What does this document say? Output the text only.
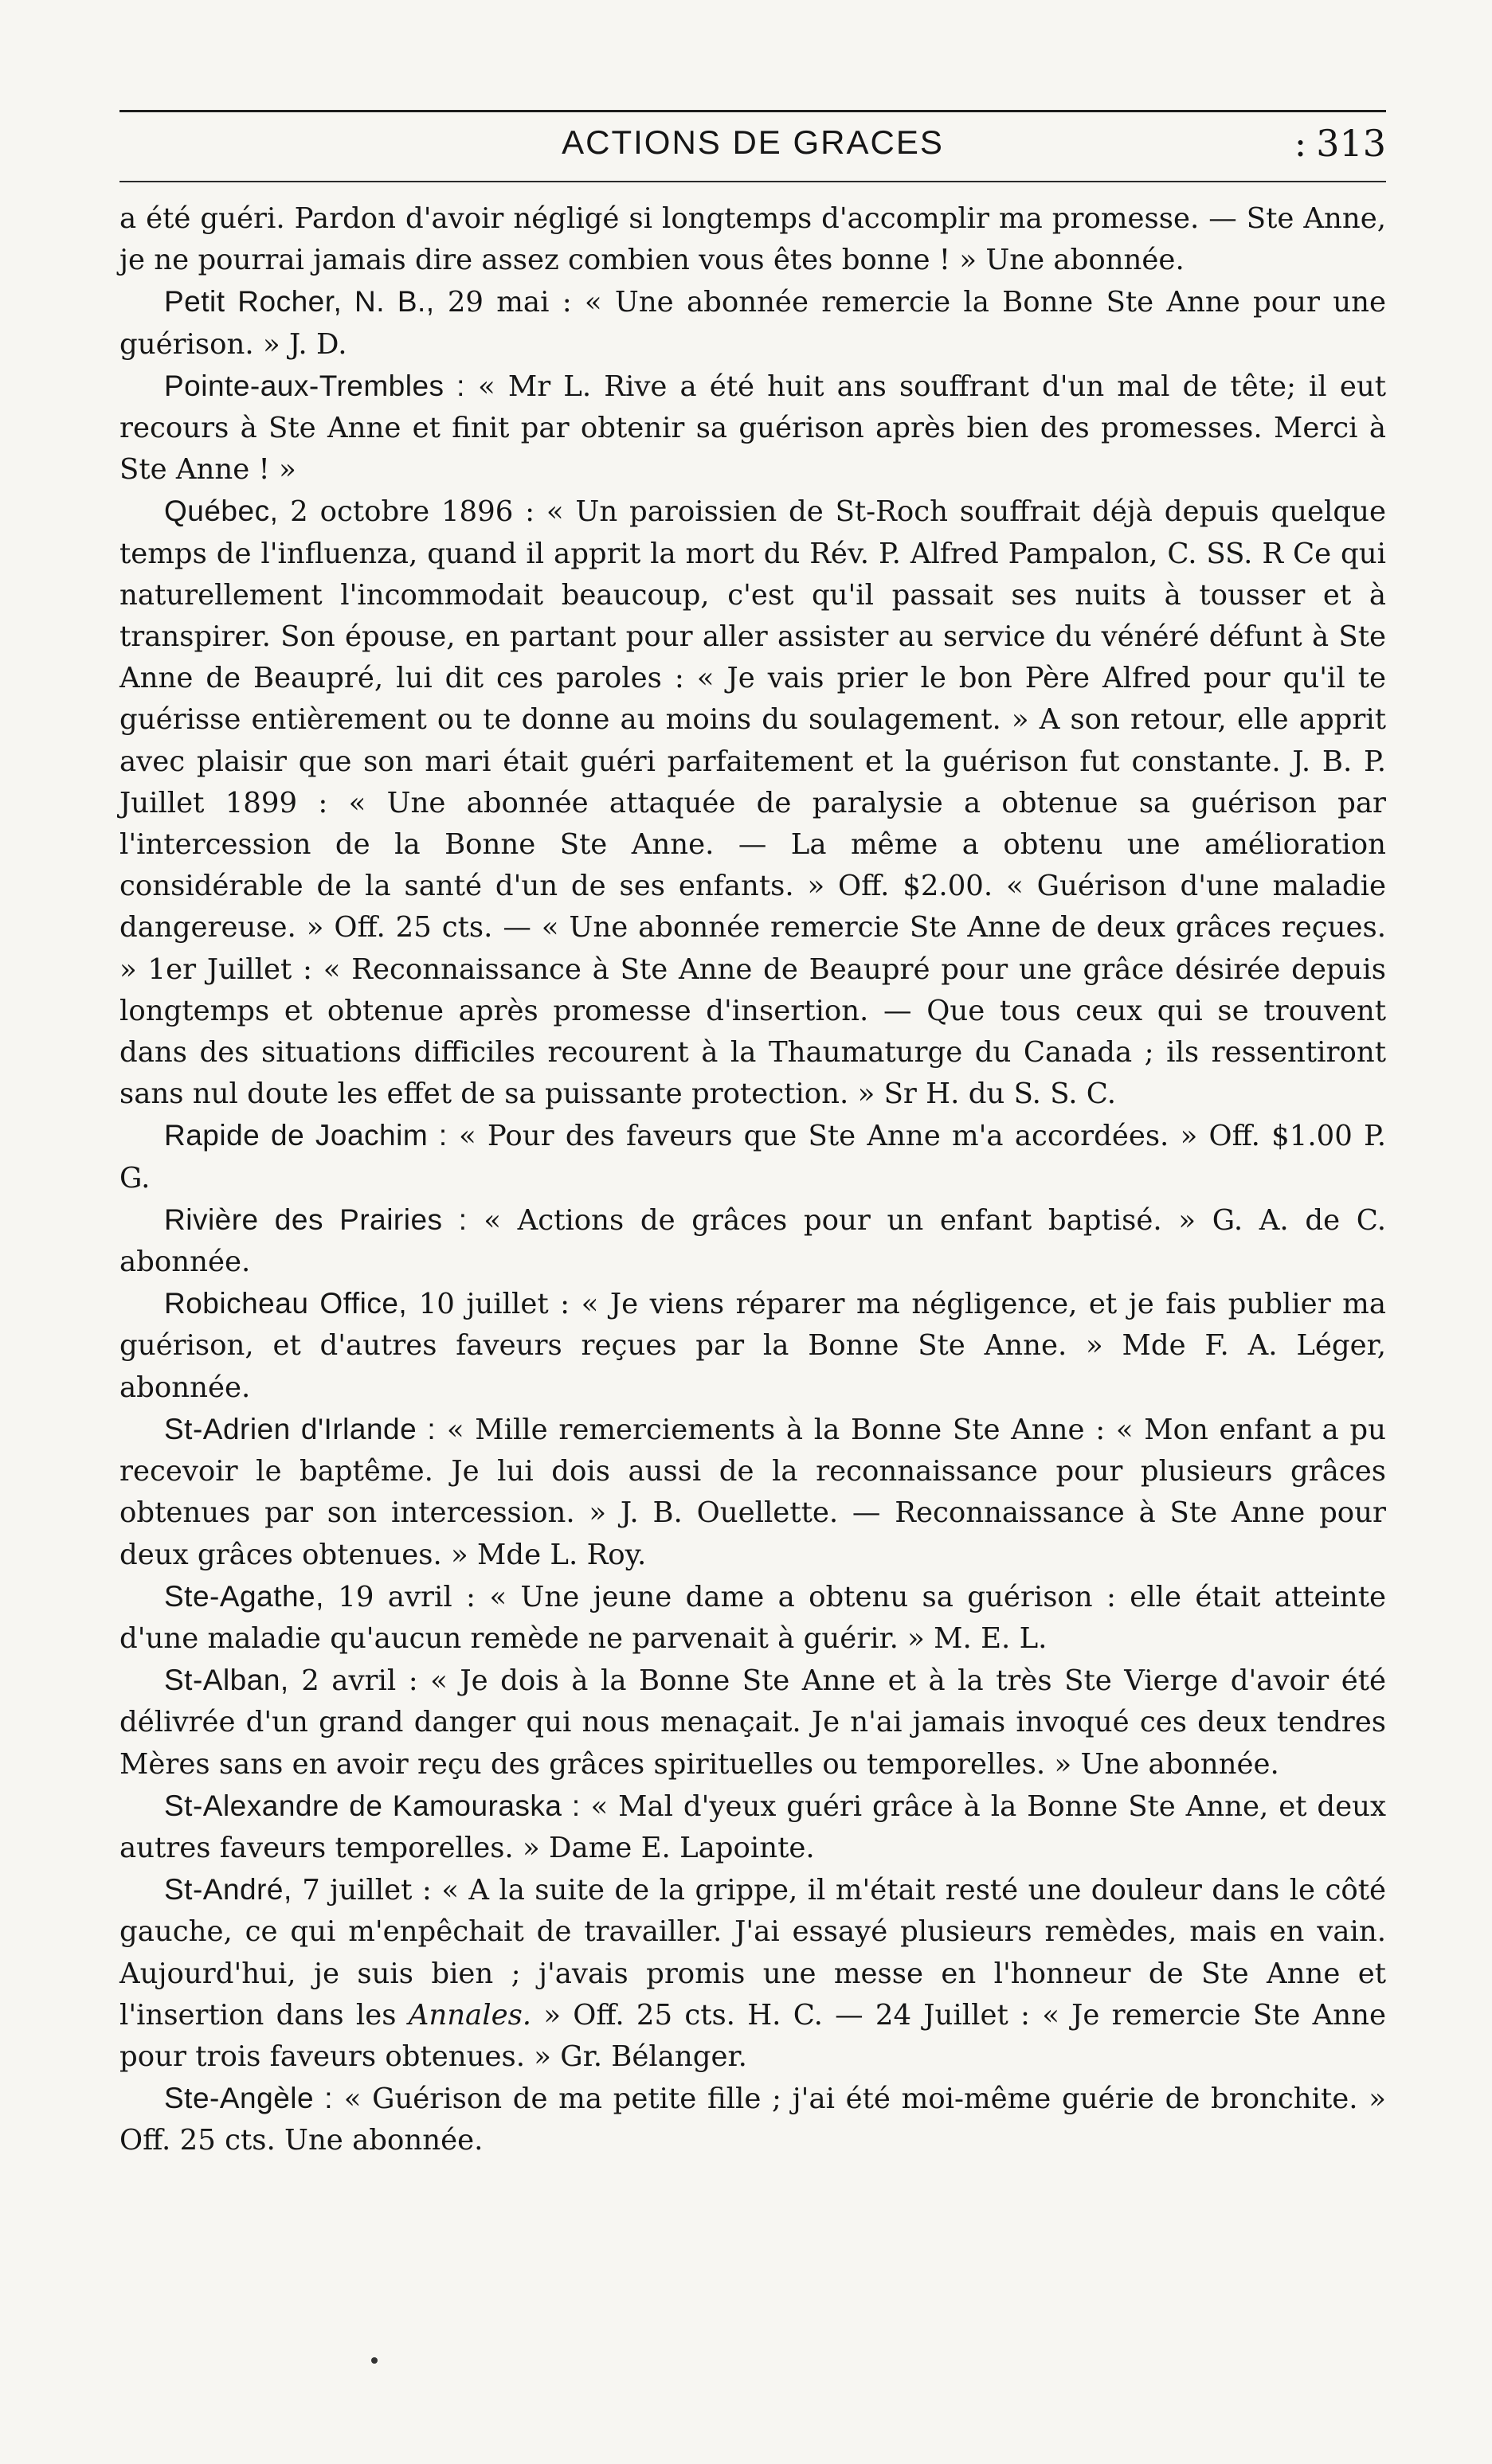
ACTIONS DE GRACES	: 313

a été guéri. Pardon d'avoir négligé si longtemps d'accomplir ma promesse. — Ste Anne, je ne pourrai jamais dire assez combien vous êtes bonne ! » Une abonnée.

Petit Rocher, N. B., 29 mai : « Une abonnée remercie la Bonne Ste Anne pour une guérison. » J. D.

Pointe-aux-Trembles : « Mr L. Rive a été huit ans souffrant d'un mal de tête; il eut recours à Ste Anne et finit par obtenir sa guérison après bien des promesses. Merci à Ste Anne ! »

Québec, 2 octobre 1896 : « Un paroissien de St-Roch souffrait déjà depuis quelque temps de l'influenza, quand il apprit la mort du Rév. P. Alfred Pampalon, C. SS. R Ce qui naturellement l'incommodait beaucoup, c'est qu'il passait ses nuits à tousser et à transpirer. Son épouse, en partant pour aller assister au service du vénéré défunt à Ste Anne de Beaupré, lui dit ces paroles : « Je vais prier le bon Père Alfred pour qu'il te guérisse entièrement ou te donne au moins du soulagement. » A son retour, elle apprit avec plaisir que son mari était guéri parfaitement et la guérison fut constante. J. B. P. Juillet 1899 : « Une abonnée attaquée de paralysie a obtenue sa guérison par l'intercession de la Bonne Ste Anne. — La même a obtenu une amélioration considérable de la santé d'un de ses enfants. » Off. $2.00. « Guérison d'une maladie dangereuse. » Off. 25 cts. — « Une abonnée remercie Ste Anne de deux grâces reçues. » 1er Juillet : « Reconnaissance à Ste Anne de Beaupré pour une grâce désirée depuis longtemps et obtenue après promesse d'insertion. — Que tous ceux qui se trouvent dans des situations difficiles recourent à la Thaumaturge du Canada ; ils ressentiront sans nul doute les effet de sa puissante protection. » Sr H. du S. S. C.

Rapide de Joachim : « Pour des faveurs que Ste Anne m'a accordées. » Off. $1.00 P. G.

Rivière des Prairies : « Actions de grâces pour un enfant baptisé. » G. A. de C. abonnée.

Robicheau Office, 10 juillet : « Je viens réparer ma négligence, et je fais publier ma guérison, et d'autres faveurs reçues par la Bonne Ste Anne. » Mde F. A. Léger, abonnée.

St-Adrien d'Irlande : « Mille remerciements à la Bonne Ste Anne : « Mon enfant a pu recevoir le baptême. Je lui dois aussi de la reconnaissance pour plusieurs grâces obtenues par son intercession. » J. B. Ouellette. — Reconnaissance à Ste Anne pour deux grâces obtenues. » Mde L. Roy.

Ste-Agathe, 19 avril : « Une jeune dame a obtenu sa guérison : elle était atteinte d'une maladie qu'aucun remède ne parvenait à guérir. » M. E. L.

St-Alban, 2 avril : « Je dois à la Bonne Ste Anne et à la très Ste Vierge d'avoir été délivrée d'un grand danger qui nous menaçait. Je n'ai jamais invoqué ces deux tendres Mères sans en avoir reçu des grâces spirituelles ou temporelles. » Une abonnée.

St-Alexandre de Kamouraska : « Mal d'yeux guéri grâce à la Bonne Ste Anne, et deux autres faveurs temporelles. » Dame E. Lapointe.

St-André, 7 juillet : « A la suite de la grippe, il m'était resté une douleur dans le côté gauche, ce qui m'enpêchait de travailler. J'ai essayé plusieurs remèdes, mais en vain. Aujourd'hui, je suis bien ; j'avais promis une messe en l'honneur de Ste Anne et l'insertion dans les Annales. » Off. 25 cts. H. C. — 24 Juillet : « Je remercie Ste Anne pour trois faveurs obtenues. » Gr. Bélanger.

Ste-Angèle : « Guérison de ma petite fille ; j'ai été moi-même guérie de bronchite. » Off. 25 cts. Une abonnée.
